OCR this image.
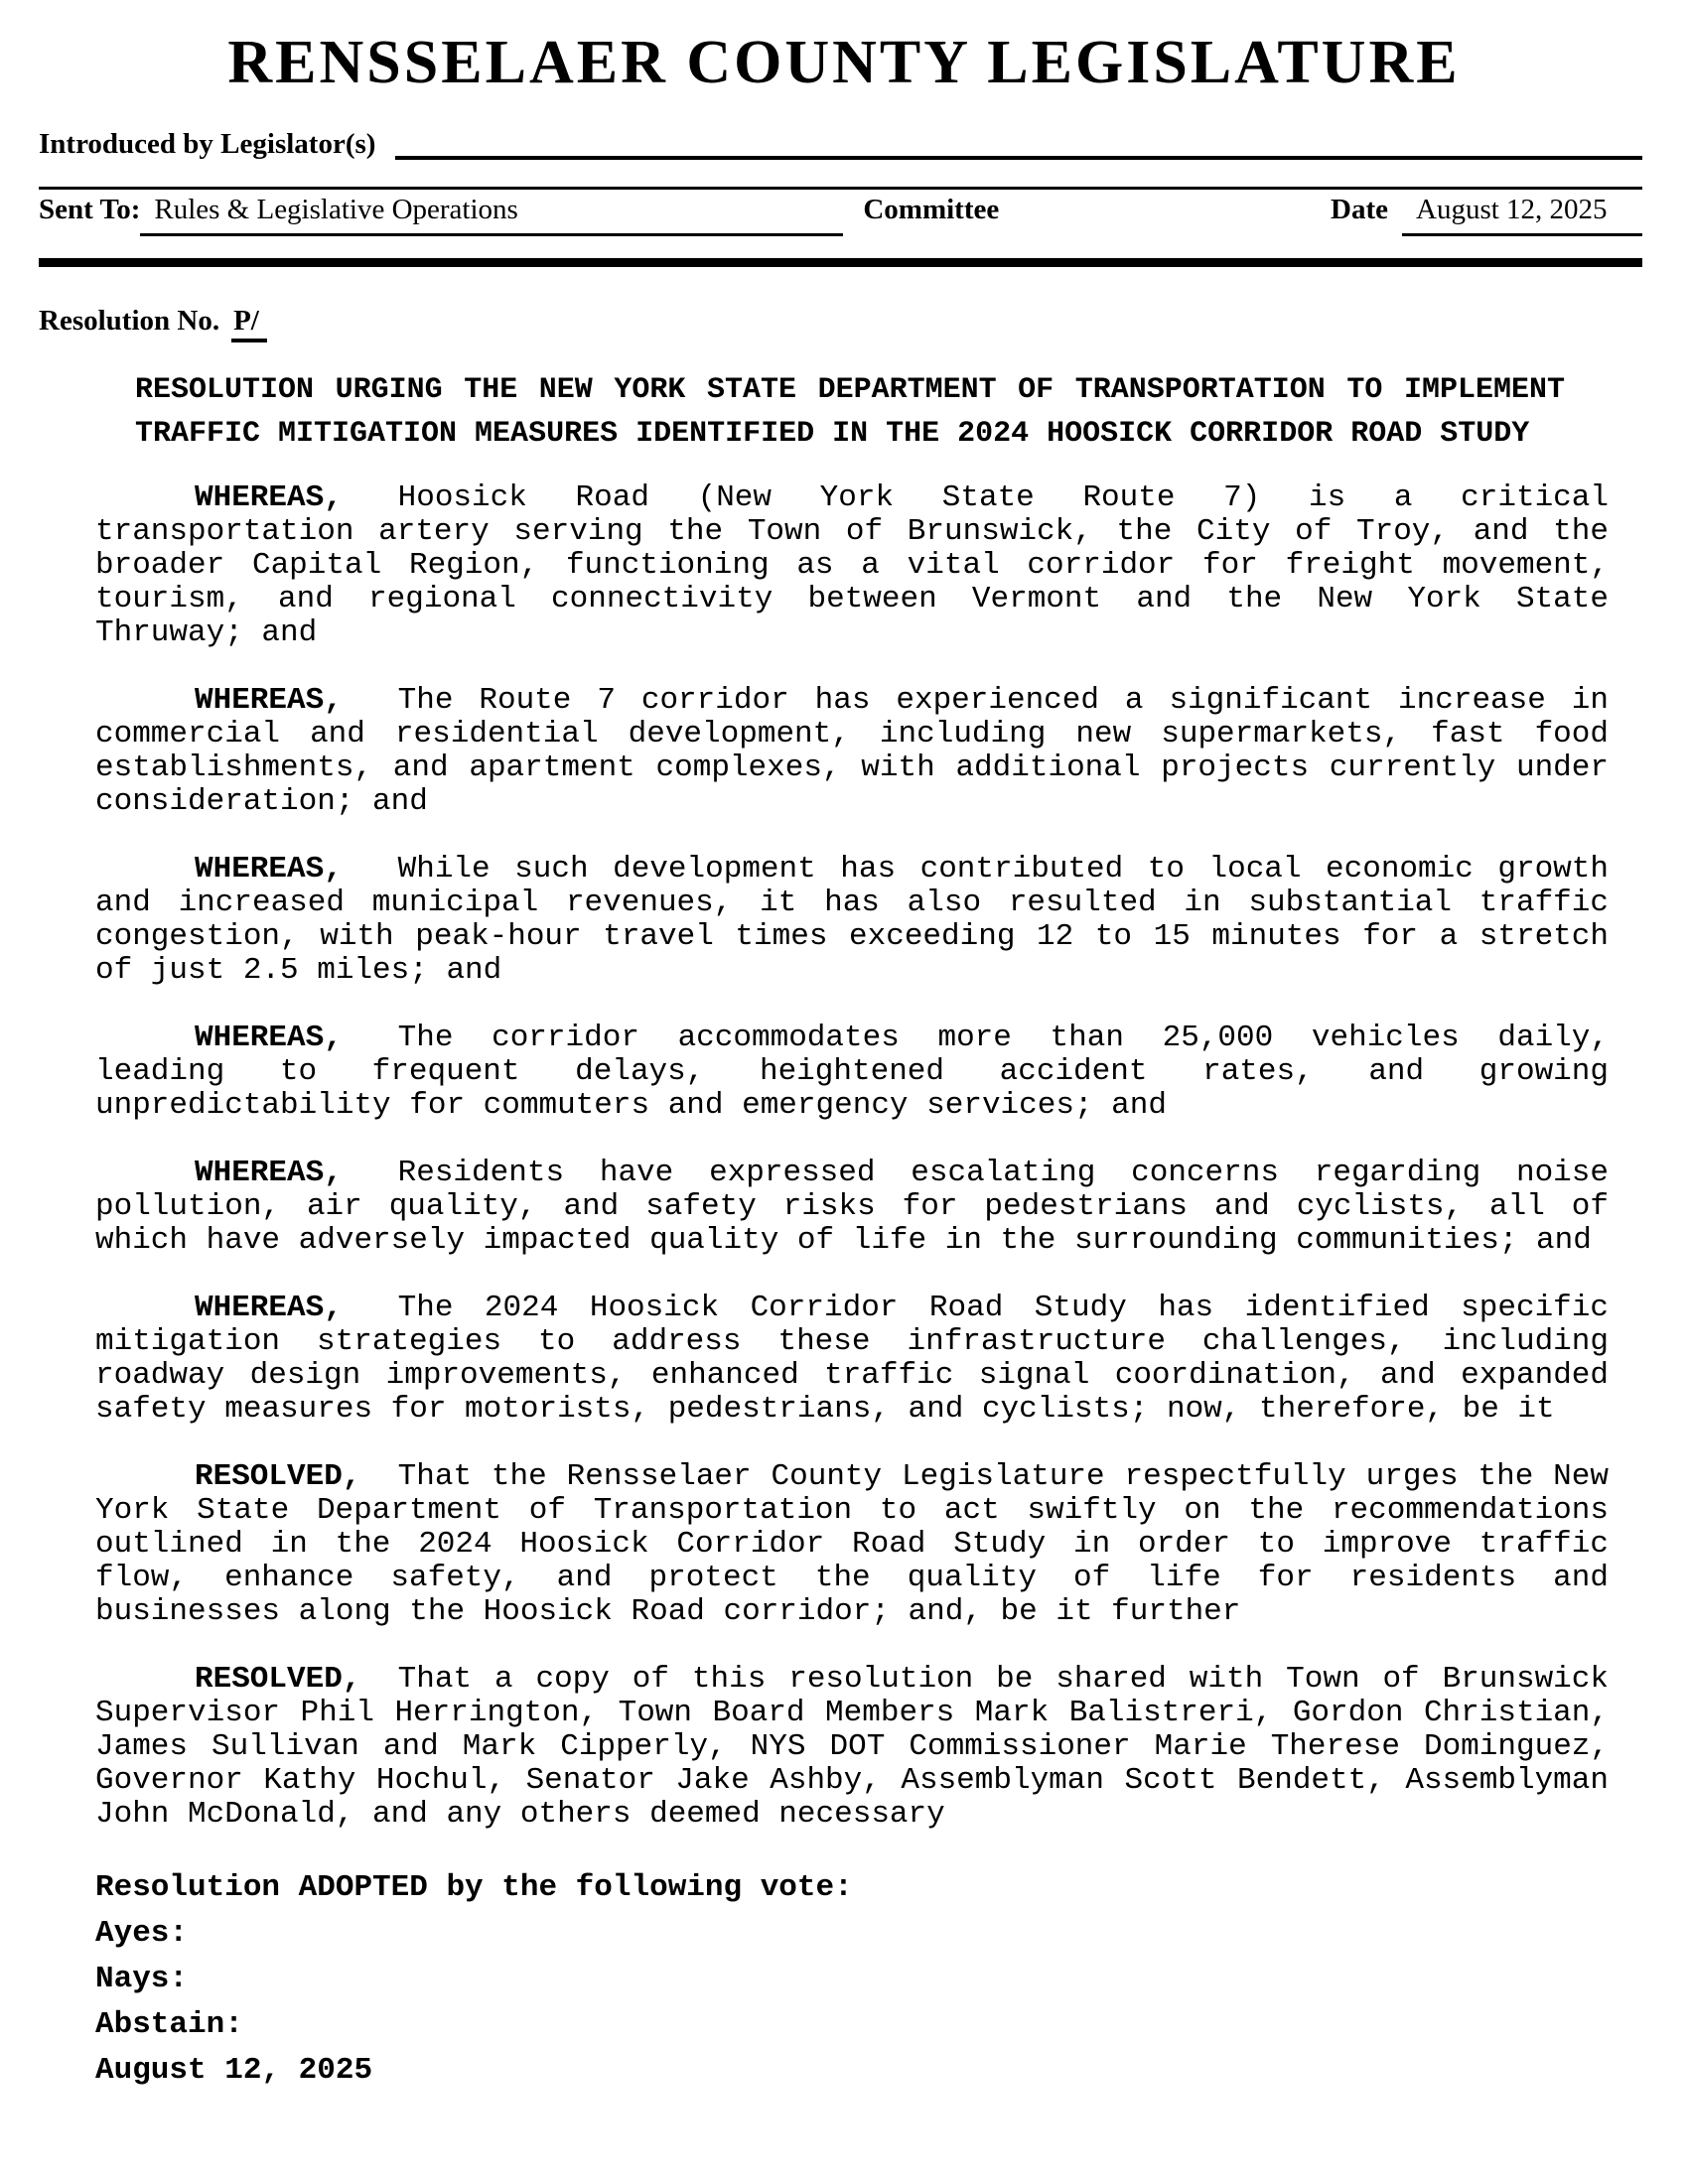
RENSSELAER COUNTY LEGISLATURE
Introduced by Legislator(s)
Sent To: Rules & Legislative Operations	Committee	Date August 12, 2025
Resolution No. P/
RESOLUTION URGING THE NEW YORK STATE DEPARTMENT OF TRANSPORTATION TO IMPLEMENT TRAFFIC MITIGATION MEASURES IDENTIFIED IN THE 2024 HOOSICK CORRIDOR ROAD STUDY

WHEREAS, Hoosick Road (New York State Route 7) is a critical transportation artery serving the Town of Brunswick, the City of Troy, and the broader Capital Region, functioning as a vital corridor for freight movement, tourism, and regional connectivity between Vermont and the New York State Thruway; and

WHEREAS, The Route 7 corridor has experienced a significant increase in commercial and residential development, including new supermarkets, fast food establishments, and apartment complexes, with additional projects currently under consideration; and

WHEREAS, While such development has contributed to local economic growth and increased municipal revenues, it has also resulted in substantial traffic congestion, with peak-hour travel times exceeding 12 to 15 minutes for a stretch of just 2.5 miles; and

WHEREAS, The corridor accommodates more than 25,000 vehicles daily, leading to frequent delays, heightened accident rates, and growing unpredictability for commuters and emergency services; and

WHEREAS, Residents have expressed escalating concerns regarding noise pollution, air quality, and safety risks for pedestrians and cyclists, all of which have adversely impacted quality of life in the surrounding communities; and

WHEREAS, The 2024 Hoosick Corridor Road Study has identified specific mitigation strategies to address these infrastructure challenges, including roadway design improvements, enhanced traffic signal coordination, and expanded safety measures for motorists, pedestrians, and cyclists; now, therefore, be it

RESOLVED, That the Rensselaer County Legislature respectfully urges the New York State Department of Transportation to act swiftly on the recommendations outlined in the 2024 Hoosick Corridor Road Study in order to improve traffic flow, enhance safety, and protect the quality of life for residents and businesses along the Hoosick Road corridor; and, be it further

RESOLVED, That a copy of this resolution be shared with Town of Brunswick Supervisor Phil Herrington, Town Board Members Mark Balistreri, Gordon Christian, James Sullivan and Mark Cipperly, NYS DOT Commissioner Marie Therese Dominguez, Governor Kathy Hochul, Senator Jake Ashby, Assemblyman Scott Bendett, Assemblyman John McDonald, and any others deemed necessary

Resolution ADOPTED by the following vote:
Ayes:
Nays:
Abstain:
August 12, 2025
